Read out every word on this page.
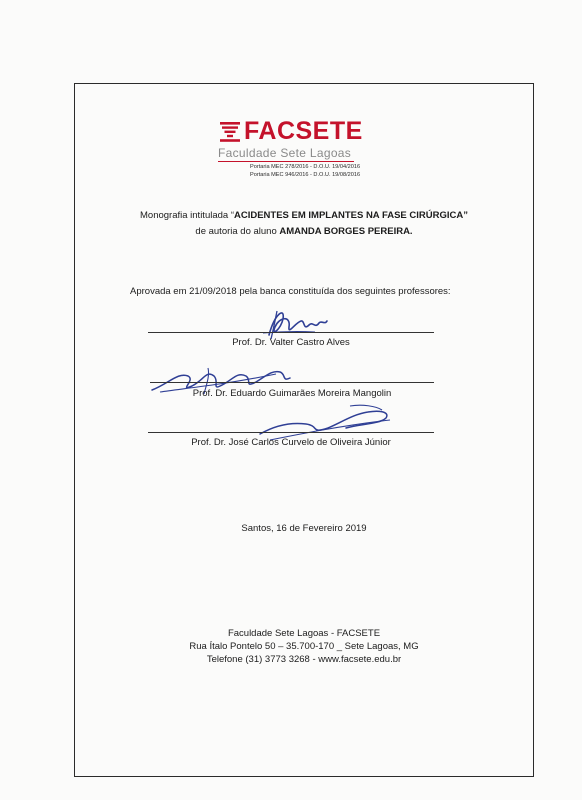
FACSETE
Faculdade Sete Lagoas
Portaria MEC 278/2016 - D.O.U. 19/04/2016
Portaria MEC 946/2016 - D.O.U. 19/08/2016
Monografia intitulada “ACIDENTES EM IMPLANTES NA FASE CIRÚRGICA”
de autoria do aluno AMANDA BORGES PEREIRA.
Aprovada em 21/09/2018 pela banca constituída dos seguintes professores:
Prof. Dr. Valter Castro Alves
Prof. Dr. Eduardo Guimarães Moreira Mangolin
Prof. Dr. José Carlos Curvelo de Oliveira Júnior
Santos, 16 de Fevereiro 2019
Faculdade Sete Lagoas - FACSETE
Rua Ítalo Pontelo 50 – 35.700-170 _ Sete Lagoas, MG
Telefone (31) 3773 3268 - www.facsete.edu.br
